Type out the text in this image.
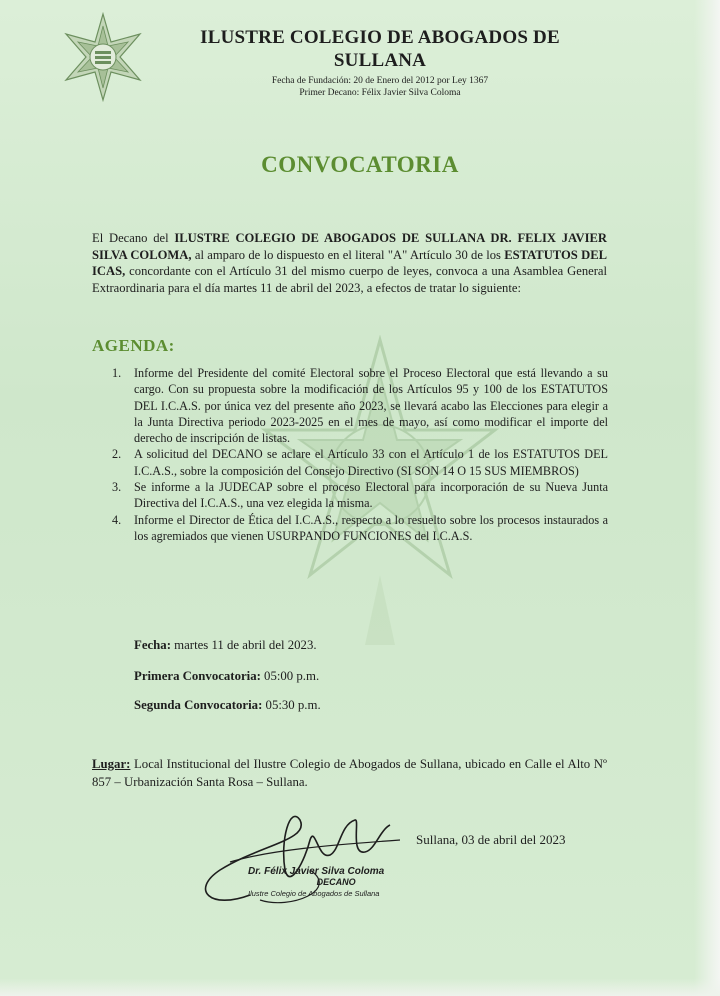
ILUSTRE COLEGIO DE ABOGADOS DE
SULLANA
Fecha de Fundación: 20 de Enero del 2012 por Ley 1367
Primer Decano: Félix Javier Silva Coloma
CONVOCATORIA
El Decano del ILUSTRE COLEGIO DE ABOGADOS DE SULLANA DR. FELIX JAVIER SILVA COLOMA, al amparo de lo dispuesto en el literal "A" Artículo 30 de los ESTATUTOS DEL ICAS, concordante con el Artículo 31 del mismo cuerpo de leyes, convoca a una Asamblea General Extraordinaria para el día martes 11 de abril del 2023, a efectos de tratar lo siguiente:
AGENDA:
1. Informe del Presidente del comité Electoral sobre el Proceso Electoral que está llevando a su cargo. Con su propuesta sobre la modificación de los Artículos 95 y 100 de los ESTATUTOS DEL I.C.A.S. por única vez del presente año 2023, se llevará acabo las Elecciones para elegir a la Junta Directiva periodo 2023-2025 en el mes de mayo, así como modificar el importe del derecho de inscripción de listas.
2. A solicitud del DECANO se aclare el Artículo 33 con el Artículo 1 de los ESTATUTOS DEL I.C.A.S., sobre la composición del Consejo Directivo (SI SON 14 O 15 SUS MIEMBROS)
3. Se informe a la JUDECAP sobre el proceso Electoral para incorporación de su Nueva Junta Directiva del I.C.A.S., una vez elegida la misma.
4. Informe el Director de Ética del I.C.A.S., respecto a lo resuelto sobre los procesos instaurados a los agremiados que vienen USURPANDO FUNCIONES del I.C.A.S.
Fecha: martes 11 de abril del 2023.
Primera Convocatoria: 05:00 p.m.
Segunda Convocatoria: 05:30 p.m.
Lugar: Local Institucional del Ilustre Colegio de Abogados de Sullana, ubicado en Calle el Alto Nº 857 – Urbanización Santa Rosa – Sullana.
Sullana, 03 de abril del 2023
Dr. Félix Javier Silva Coloma
DECANO
Ilustre Colegio de Abogados de Sullana
